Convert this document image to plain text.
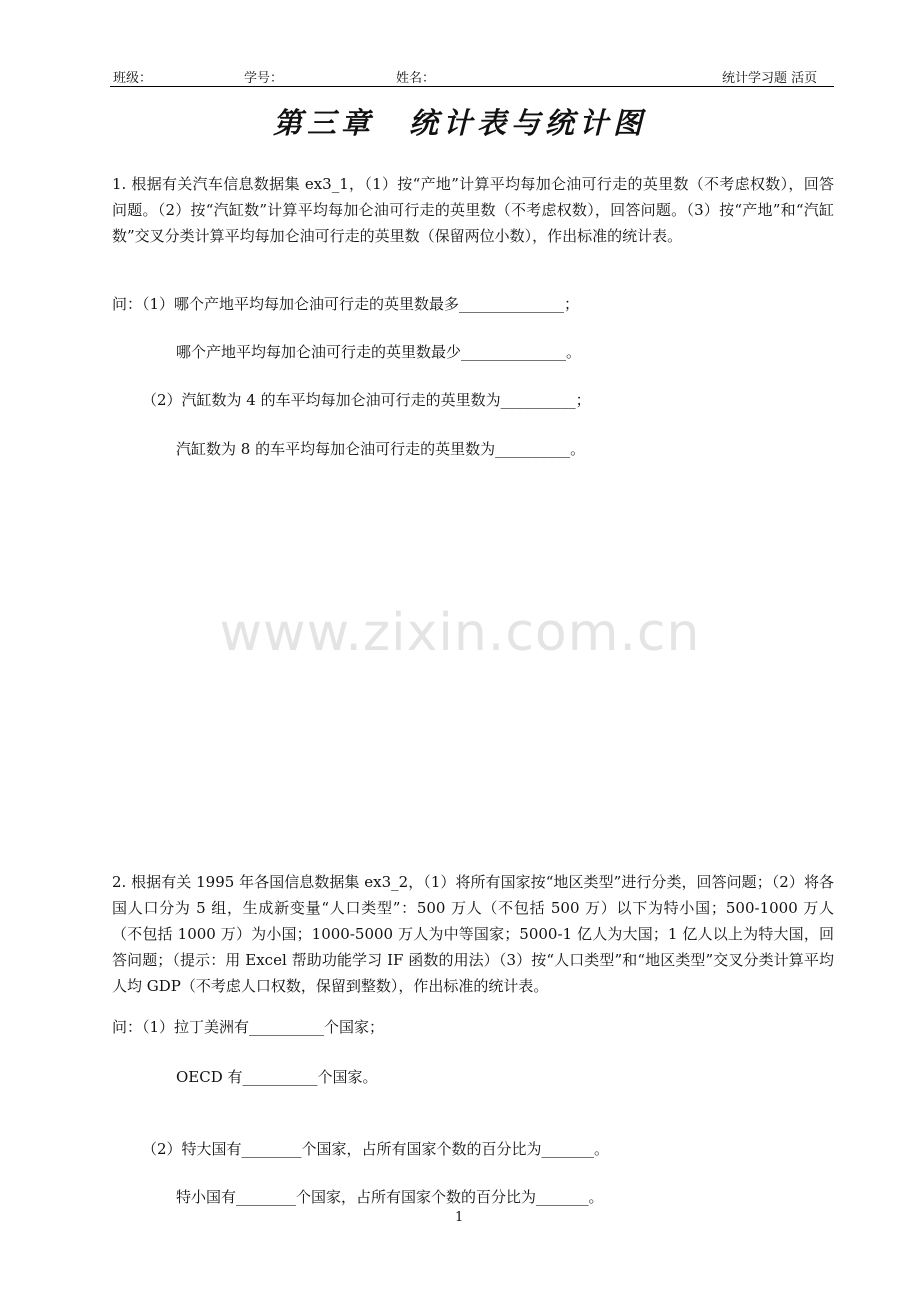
班级：	学号：	姓名：	统计学习题 活页
第三章　统计表与统计图
1. 根据有关汽车信息数据集 ex3_1，（1）按“产地”计算平均每加仑油可行走的英里数（不考虑权数），回答问题。（2）按“汽缸数”计算平均每加仑油可行走的英里数（不考虑权数），回答问题。（3）按“产地”和“汽缸数”交叉分类计算平均每加仑油可行走的英里数（保留两位小数），作出标准的统计表。
问：（1）哪个产地平均每加仑油可行走的英里数最多______________；
哪个产地平均每加仑油可行走的英里数最少______________。
（2）汽缸数为 4 的车平均每加仑油可行走的英里数为__________；
汽缸数为 8 的车平均每加仑油可行走的英里数为__________。
www.zixin.com.cn
2. 根据有关 1995 年各国信息数据集 ex3_2，（1）将所有国家按“地区类型”进行分类，回答问题；（2）将各国人口分为 5 组，生成新变量“人口类型”：500 万人（不包括 500 万）以下为特小国；500-1000 万人（不包括 1000 万）为小国；1000-5000 万人为中等国家；5000-1 亿人为大国；1 亿人以上为特大国，回答问题；（提示：用 Excel 帮助功能学习 IF 函数的用法）（3）按“人口类型”和“地区类型”交叉分类计算平均人均 GDP（不考虑人口权数，保留到整数），作出标准的统计表。
问：（1）拉丁美洲有__________个国家；
OECD 有__________个国家。
（2）特大国有________个国家，占所有国家个数的百分比为_______。
特小国有________个国家，占所有国家个数的百分比为_______。
1
